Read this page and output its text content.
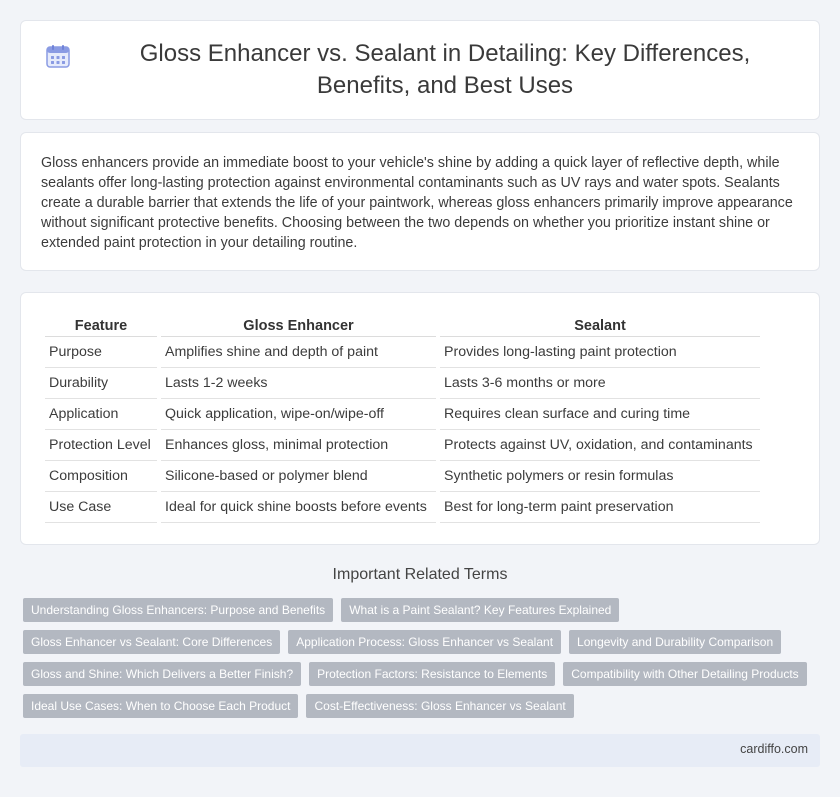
Gloss Enhancer vs. Sealant in Detailing: Key Differences, Benefits, and Best Uses

Gloss enhancers provide an immediate boost to your vehicle's shine by adding a quick layer of reflective depth, while sealants offer long-lasting protection against environmental contaminants such as UV rays and water spots. Sealants create a durable barrier that extends the life of your paintwork, whereas gloss enhancers primarily improve appearance without significant protective benefits. Choosing between the two depends on whether you prioritize instant shine or extended paint protection in your detailing routine.

Feature	Gloss Enhancer	Sealant
Purpose	Amplifies shine and depth of paint	Provides long-lasting paint protection
Durability	Lasts 1-2 weeks	Lasts 3-6 months or more
Application	Quick application, wipe-on/wipe-off	Requires clean surface and curing time
Protection Level	Enhances gloss, minimal protection	Protects against UV, oxidation, and contaminants
Composition	Silicone-based or polymer blend	Synthetic polymers or resin formulas
Use Case	Ideal for quick shine boosts before events	Best for long-term paint preservation
Important Related Terms
Understanding Gloss Enhancers: Purpose and Benefits	What is a Paint Sealant? Key Features Explained
Gloss Enhancer vs Sealant: Core Differences	Application Process: Gloss Enhancer vs Sealant	Longevity and Durability Comparison
Gloss and Shine: Which Delivers a Better Finish?	Protection Factors: Resistance to Elements	Compatibility with Other Detailing Products
Ideal Use Cases: When to Choose Each Product	Cost-Effectiveness: Gloss Enhancer vs Sealant
cardiffo.com
